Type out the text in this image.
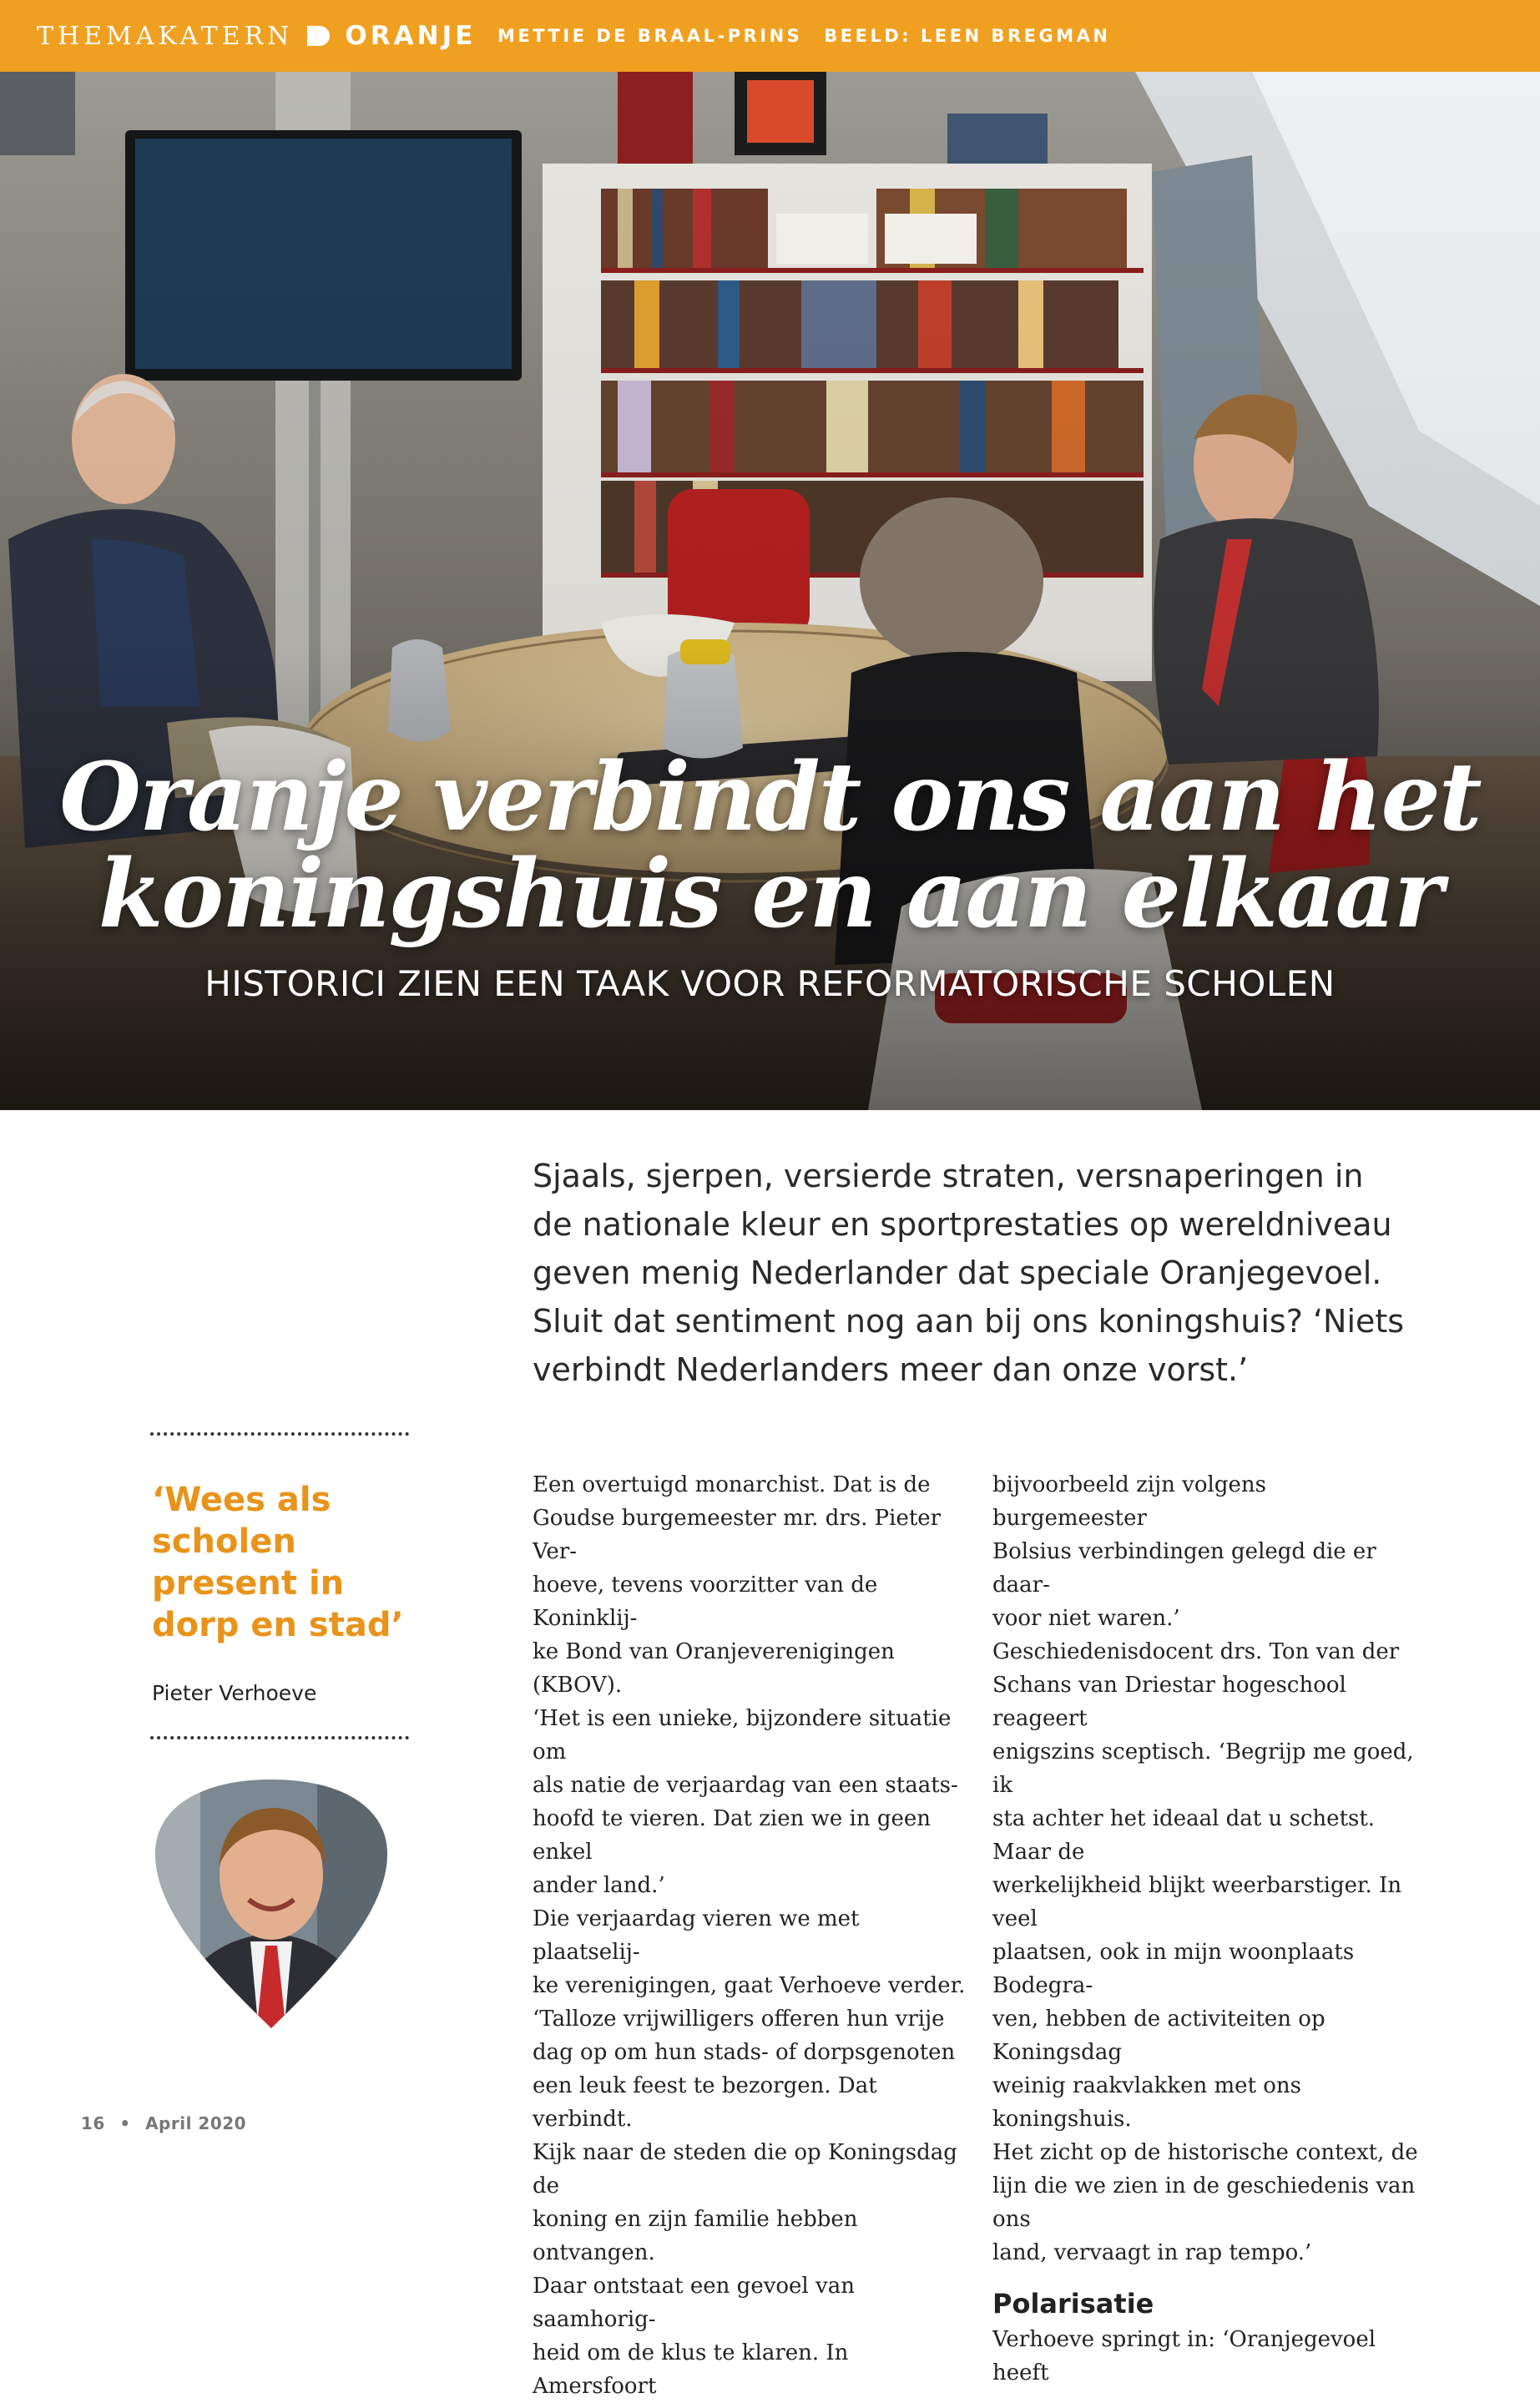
THEMAKATERN ORANJE METTIE DE BRAAL-PRINS BEELD: LEEN BREGMAN
Oranje verbindt ons aan het
koningshuis en aan elkaar
HISTORICI ZIEN EEN TAAK VOOR REFORMATORISCHE SCHOLEN
Sjaals, sjerpen, versierde straten, versnaperingen in
de nationale kleur en sportprestaties op wereldniveau
geven menig Nederlander dat speciale Oranjegevoel.
Sluit dat sentiment nog aan bij ons koningshuis? ‘Niets
verbindt Nederlanders meer dan onze vorst.’
‘Wees als
scholen
present in
dorp en stad’
Pieter Verhoeve

Een overtuigd monarchist. Dat is de

Goudse burgemeester mr. drs. Pieter Ver-

hoeve, tevens voorzitter van de Koninklij-

ke Bond van Oranjeverenigingen (KBOV).

‘Het is een unieke, bijzondere situatie om

als natie de verjaardag van een staats-

hoofd te vieren. Dat zien we in geen enkel

ander land.’

Die verjaardag vieren we met plaatselij-

ke verenigingen, gaat Verhoeve verder.

‘Talloze vrijwilligers offeren hun vrije

dag op om hun stads- of dorpsgenoten

een leuk feest te bezorgen. Dat verbindt.

Kijk naar de steden die op Koningsdag de

koning en zijn familie hebben ontvangen.

Daar ontstaat een gevoel van saamhorig-

heid om de klus te klaren. In Amersfoort

bijvoorbeeld zijn volgens burgemeester

Bolsius verbindingen gelegd die er daar-

voor niet waren.’

Geschiedenisdocent drs. Ton van der

Schans van Driestar hogeschool reageert

enigszins sceptisch. ‘Begrijp me goed, ik

sta achter het ideaal dat u schetst. Maar de

werkelijkheid blijkt weerbarstiger. In veel

plaatsen, ook in mijn woonplaats Bodegra-

ven, hebben de activiteiten op Koningsdag

weinig raakvlakken met ons koningshuis.

Het zicht op de historische context, de

lijn die we zien in de geschiedenis van ons

land, vervaagt in rap tempo.’

Polarisatie

Verhoeve springt in: ‘Oranjegevoel heeft

16 • April 2020
